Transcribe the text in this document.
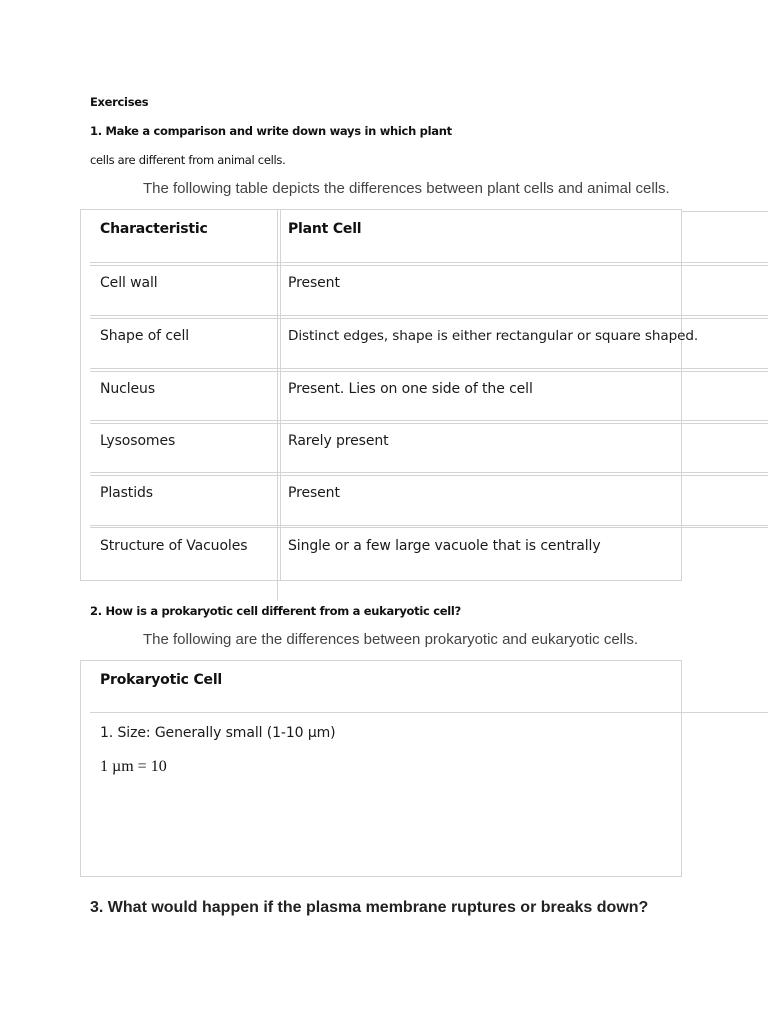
Exercises
1. Make a comparison and write down ways in which plant
cells are different from animal cells.
The following table depicts the differences between plant cells and animal cells.
Characteristic	Plant Cell
Cell wall	Present
Shape of cell	Distinct edges, shape is either rectangular or square shaped.
Nucleus	Present. Lies on one side of the cell
Lysosomes	Rarely present
Plastids	Present
Structure of Vacuoles	Single or a few large vacuole that is centrally
2. How is a prokaryotic cell different from a eukaryotic cell?
The following are the differences between prokaryotic and eukaryotic cells.
Prokaryotic Cell
1. Size: Generally small (1-10 µm)
1 µm = 10
3. What would happen if the plasma membrane ruptures or breaks down?
